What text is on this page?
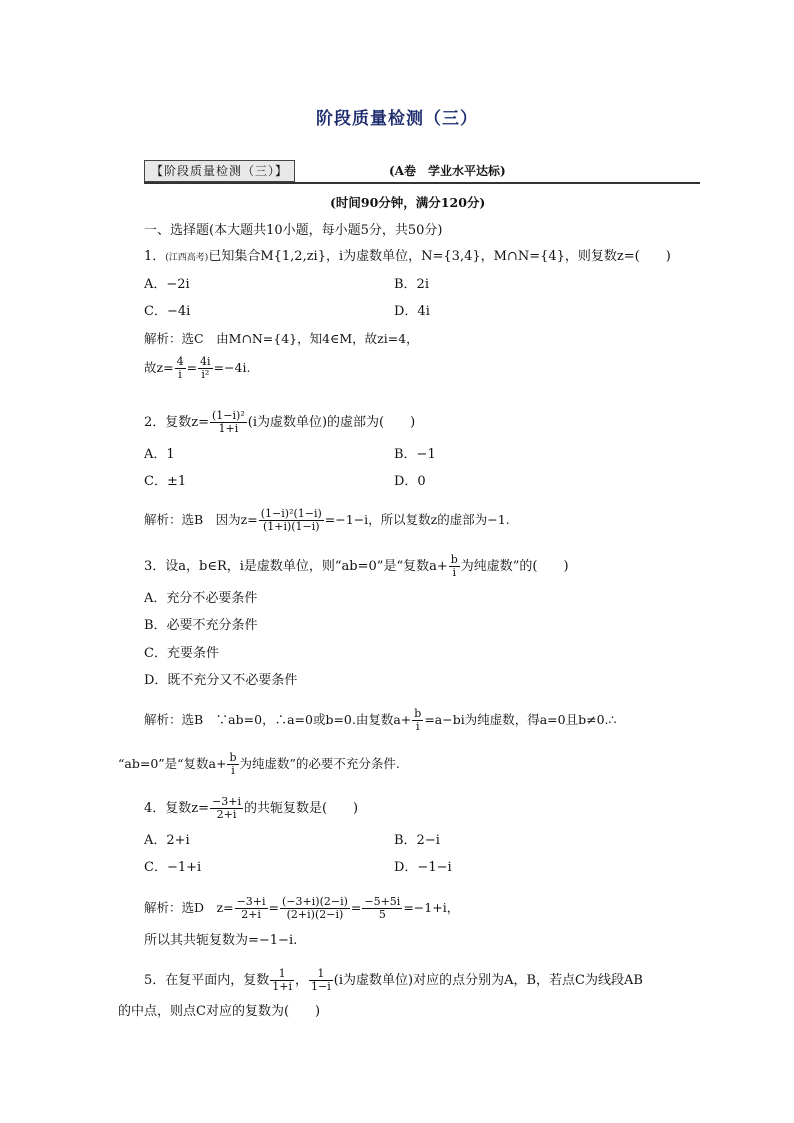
阶段质量检测（三）
【阶段质量检测（三）】	(A卷　学业水平达标)
(时间90分钟，满分120分)
一、选择题(本大题共10小题，每小题5分，共50分)
1．(江西高考)已知集合M{1,2,zi}，i为虚数单位，N={3,4}，M∩N={4}，则复数z=(　　)
A．−2i	B．2i
C．−4i	D．4i
解析：选C　由M∩N={4}，知4∈M，故zi=4，
故$z= \frac{4}{i} = \frac{4i}{\text{i²}} =-4i$.
2．复数$z= \frac{\text{(1−i)²}}{1+i} (i$为虚数单位)的虚部为(　　)
A．1	B．−1
C．±1	D．0
解析：选B　因为$z= \frac{\text{(1−i)²(1−i)}}{(1+i)(1-i)} =-1-i$，所以复数z的虚部为−1.
3．设a，b∈R，i是虚数单位，则“ab=0”是“复数$a+ \frac{b}{i}$ 为纯虚数”的(　　)
A．充分不必要条件
B．必要不充分条件
C．充要条件
D．既不充分又不必要条件
解析：选B　∵ab=0，∴a=0或b=0.由复数$a+ \frac{b}{i} =a-bi$为纯虚数，得a=0且b≠0.∴
“ab=0”是“复数$a+ \frac{b}{i}$ 为纯虚数”的必要不充分条件.
4．复数$z= \frac{-3+i}{2+i}$ 的共轭复数是(　　)
A．2+i	B．2−i
C．−1+i	D．−1−i
解析：选D　$z= \frac{-3+i}{2+i} = \frac{(-3+i)(2-i)}{(2+i)(2-i)} = \frac{-5+5i}{5} =-1+i$，
所以其共轭复数为=−1−i.
5．在复平面内，复数 $\frac{1}{1+i}$ ， $\frac{1}{1-i} (i$为虚数单位)对应的点分别为A，B，若点C为线段AB
的中点，则点C对应的复数为(　　)
